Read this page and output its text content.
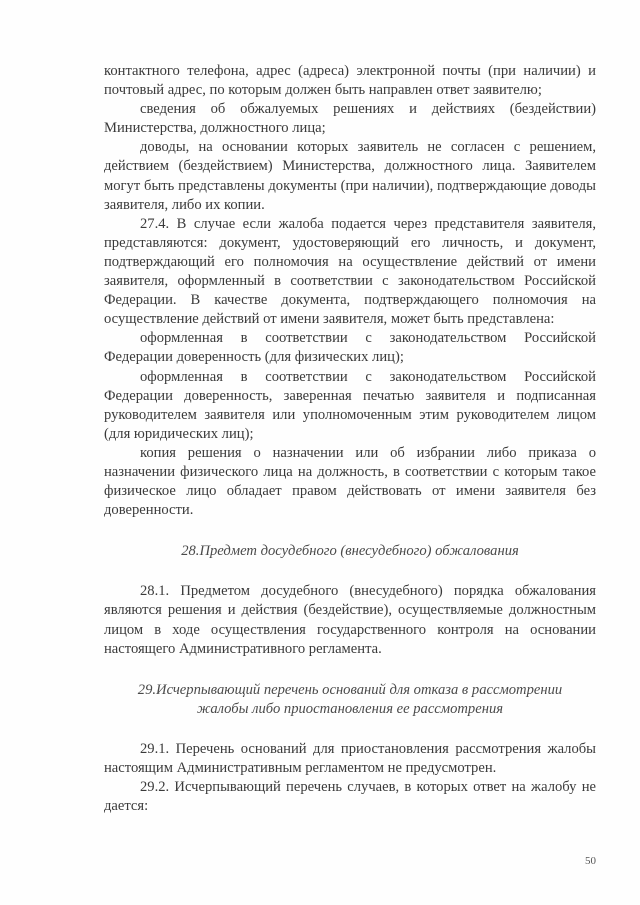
контактного телефона, адрес (адреса) электронной почты (при наличии) и почтовый адрес, по которым должен быть направлен ответ заявителю;

сведения об обжалуемых решениях и действиях (бездействии) Министерства, должностного лица;

доводы, на основании которых заявитель не согласен с решением, действием (бездействием) Министерства, должностного лица. Заявителем могут быть представлены документы (при наличии), подтверждающие доводы заявителя, либо их копии.

27.4. В случае если жалоба подается через представителя заявителя, представляются: документ, удостоверяющий его личность, и документ, подтверждающий его полномочия на осуществление действий от имени заявителя, оформленный в соответствии с законодательством Российской Федерации. В качестве документа, подтверждающего полномочия на осуществление действий от имени заявителя, может быть представлена:

оформленная в соответствии с законодательством Российской Федерации доверенность (для физических лиц);

оформленная в соответствии с законодательством Российской Федерации доверенность, заверенная печатью заявителя и подписанная руководителем заявителя или уполномоченным этим руководителем лицом (для юридических лиц);

копия решения о назначении или об избрании либо приказа о назначении физического лица на должность, в соответствии с которым такое физическое лицо обладает правом действовать от имени заявителя без доверенности.

28.Предмет досудебного (внесудебного) обжалования

28.1. Предметом досудебного (внесудебного) порядка обжалования являются решения и действия (бездействие), осуществляемые должностным лицом в ходе осуществления государственного контроля на основании настоящего Административного регламента.

29.Исчерпывающий перечень оснований для отказа в рассмотрении

жалобы либо приостановления ее рассмотрения

29.1. Перечень оснований для приостановления рассмотрения жалобы настоящим Административным регламентом не предусмотрен.

29.2. Исчерпывающий перечень случаев, в которых ответ на жалобу не дается:

50
